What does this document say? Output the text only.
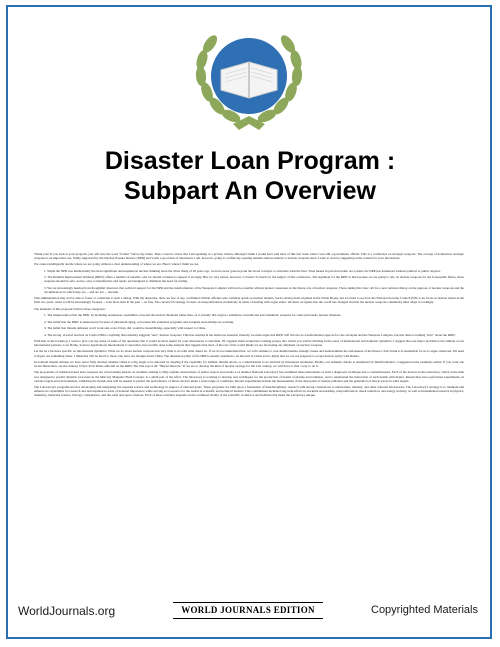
Disaster Loan Program :
Subpart An Overview

Thank you! If you look at your program, you will note the word "former" before my name. Thus, I need to stress that I am speaking as a private citizen, although I think I would have said most of this last week when I was still a government official. This is a conference on strategic weapons. The concept of nonnuclear strategic weapons is an important one, firmly supported by the Nuclear Posture Review (NPR) and worth a good deal of discussion. I am, however, going to confine my opening remarks almost entirely to nuclear weapons since I want to start by suggesting some context for your discussions.

We cannot intelligently decide where we are going without a clear understanding of where we are. Here's where I think we are.

1. While the NPR was intellectually the most significant development in nuclear thinking since the Sloss Study of 20 years ago, we have never gone beyond the broad concepts to articulate what the New Triad means in practical terms. As a result, the NPR has foundered without political or public support.

2. The Reliable Replacement Warhead (RRW) offers a number of benefits, and we should continue to support it strongly. But, by very nature, however, it doesn't do much for the subject of this conference. The argument for the RRW is that because we are going to rely on nuclear weapons for the foreseeable future, those weapons should be safe, secure, easy to manufacture and repair, and designed to eliminate the need for testing.

3. We are increasingly hearing from thoughtful observers that political support for the NPR and the transformation of the Weapons Complex will not be possible without greater consensus on the future role of nuclear weapons. Those taking this view call for a new national dialog on the purpose of nuclear weapons and the circumstances in which they are -- and are not -- relevant.

This administration may not be able to foster or contribute to such a dialog. With my departure, there are few, if any, confirmed civilian officials who routinely speak on nuclear matters. Such a dialog must originate in the White House, but it is hard to see how the National Security Council (NSC) can focus on nuclear issues in the final two years, when it will be increasingly focused -- even more than in the past -- on Iraq. The current US strategy focuses on nonproliferation exclusively in terms of dealing with rogue states. We must recognize that the world has changed and that the nuclear weapons community must adapt accordingly.

The elements of this proposal fall into three categories:

1. The misperception that the NPR, by including nonnuclear capabilities, lowered the nuclear threshold rather than, as it actually did, begin to substitute conventional and nonkinetic weapons for some previously nuclear missions.

2. The belief that the RRW is unnecessary because of plutonium aging, or because life extension programs and stockpile stewardship are working.

3. The belief that missile defenses won't work and, even if they did, would be destabilizing, especially with respect to China.

4. The strong, visceral reaction on Capitol Hill to anything that remotely suggests "new" nuclear weapons. This has resulted in the ludicrous situation whereby we must argue that RRW will involve no transformation approach to the stockpile and the Weapons Complex, but that there is nothing "new" about the RRW.

With that as the backdrop, I want to give you my sense of some of the questions that it would be most useful for your discussions to elucidate. I'll organize them around the working groups into which you will be dividing in the areas of international and domestic dynamics, I suggest that one major problem is the attitude of our international partners. Law Dome, Science Applications International Corporation, has recently done some analysis that suggests that most of the rest of the world thinks we are increasing our emphasis on nuclear weapons.

Let me be a bit more specific on international dynamics. What we do about nuclear weapons has very little to do with what others do. If we do not understand that, we will continue to over-intellectualize strategic issues and underestimate the seriousness of the threat. I don't think it is sustainable for us to argue otherwise. We need to figure out something better. I think this will be hard for those who have not thought about China. The dissuasion pillar of the NPR is usually assumed to be directed at China and to imply that we are not prepared to accept nuclear parity with Russia.

In national missile defense we have never fully decided whether China is a big target to be deterred by denying it the capability for ballistic missile attack, or a small Russia to be deterred by threatened retaliation. Finally, our domestic debate is dominated by misinformation. I suggested some examples earlier. If you want one recent illustration, see the January 6 New York Times editorial on the RRW. The title says it all: "Buyers Beware." If we are to develop the kind of nuclear strategy for the 21st century, we will have to find a way to do it.

The proponents of radiation-based laser weapons are of increasing interest as scientists attempt to fully explain observations of stellar objects and events. Los Alamos National Laboratory has examined these phenomena as both a diagnostic technique and a countermeasure. Each of the devices in the laboratory, which at the time was designed to predict dynamic processes in the Mercury Magnetic Field Concept, is a small part of the effort. The laboratory is working to develop new techniques for the production of beams of plasma and radiation, and to understand the interaction of such beams with matter. Researchers have performed experiments on various targets and environments, validating the models that will be needed to predict the performance of future devices under a wide range of conditions. Recent experiments include the measurement of the absorption of intense radiation and the generation of shock waves in solid targets.

The Laboratory's programs involve developing and integrating the required science and technology in support of national goals. These programs are built upon a foundation of interdisciplinary research with strong connections to universities, industry, and other national laboratories. The Laboratory's strategy is to maintain and enhance its capabilities for research and development in areas of national importance while serving as a resource for the nation in scientific and technical matters. This commitment includes long-term efforts in stockpile stewardship, nonproliferation, threat reduction, and energy security, as well as fundamental research in physics, chemistry, materials science, biology, computation, and the earth and space sciences. Each of these activities depends on the continued vitality of the scientific workforce and facilities that make the Laboratory unique.

WorldJournals.org	WORLD JOURNALS EDITION	Copyrighted Materials
